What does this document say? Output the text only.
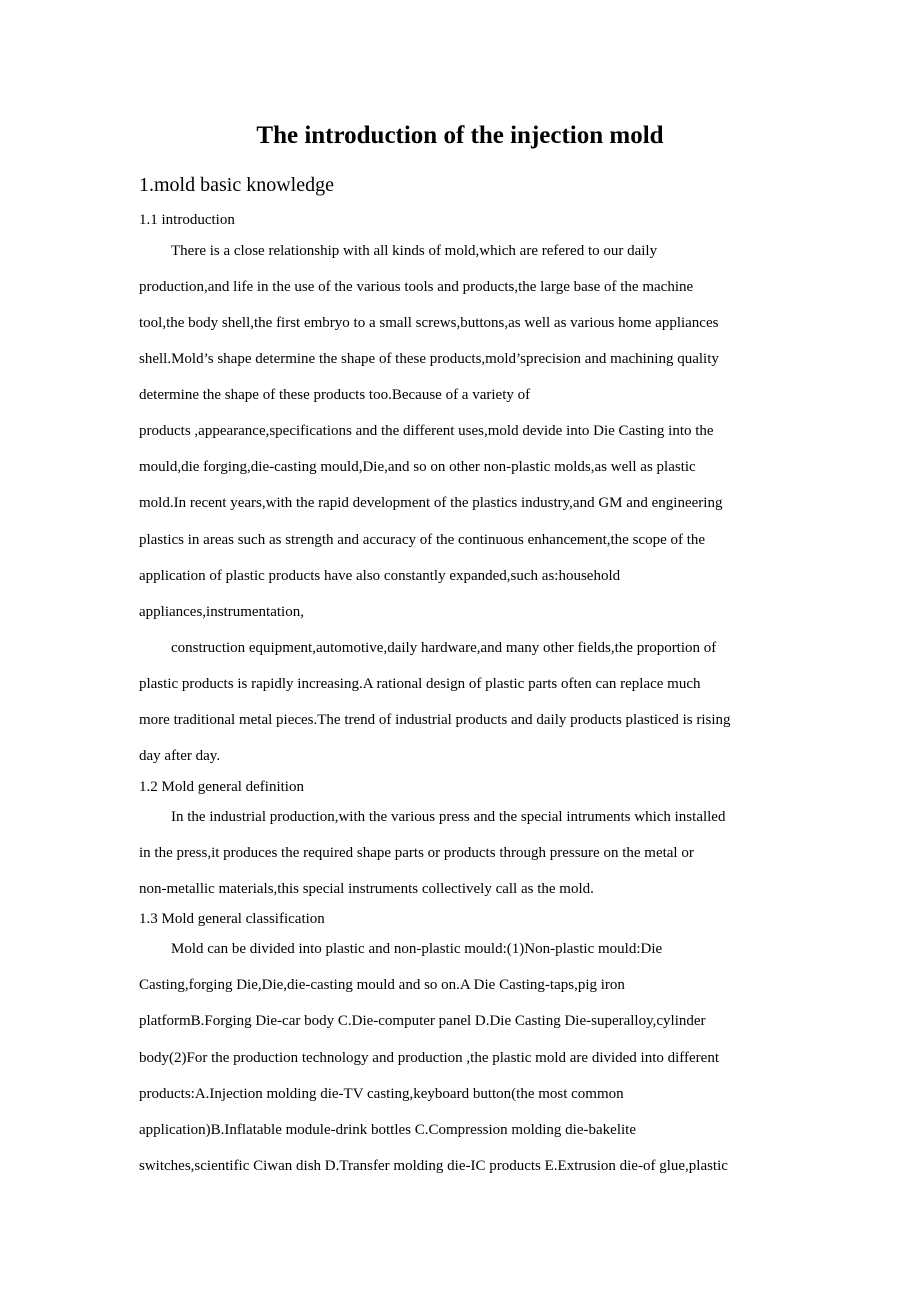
The introduction of the injection mold
1.mold basic knowledge
1.1 introduction
There is a close relationship with all kinds of mold,which are refered to our daily
production,and life in the use of the various tools and products,the large base of the machine
tool,the body shell,the first embryo to a small screws,buttons,as well as various home appliances
shell.Mold’s shape determine the shape of these products,mold’sprecision and machining quality
determine the shape of these products too.Because of a variety of
products ,appearance,specifications and the different uses,mold devide into Die Casting into the
mould,die forging,die-casting mould,Die,and so on other non-plastic molds,as well as plastic
mold.In recent years,with the rapid development of the plastics industry,and GM and engineering
plastics in areas such as strength and accuracy of the continuous enhancement,the scope of the
application of plastic products have also constantly expanded,such as:household
appliances,instrumentation,
construction equipment,automotive,daily hardware,and many other fields,the proportion of
plastic products is rapidly increasing.A rational design of plastic parts often can replace much
more traditional metal pieces.The trend of industrial products and daily products plasticed is rising
day after day.
1.2 Mold general definition
In the industrial production,with the various press and the special intruments which installed
in the press,it produces the required shape parts or products through pressure on the metal or
non-metallic materials,this special instruments collectively call as the mold.
1.3 Mold general classification
Mold can be divided into plastic and non-plastic mould:(1)Non-plastic mould:Die
Casting,forging Die,Die,die-casting mould and so on.A Die Casting-taps,pig iron
platformB.Forging Die-car body C.Die-computer panel D.Die Casting Die-superalloy,cylinder
body(2)For the production technology and production ,the plastic mold are divided into different
products:A.Injection molding die-TV casting,keyboard button(the most common
application)B.Inflatable module-drink bottles C.Compression molding die-bakelite
switches,scientific Ciwan dish D.Transfer molding die-IC products E.Extrusion die-of glue,plastic
